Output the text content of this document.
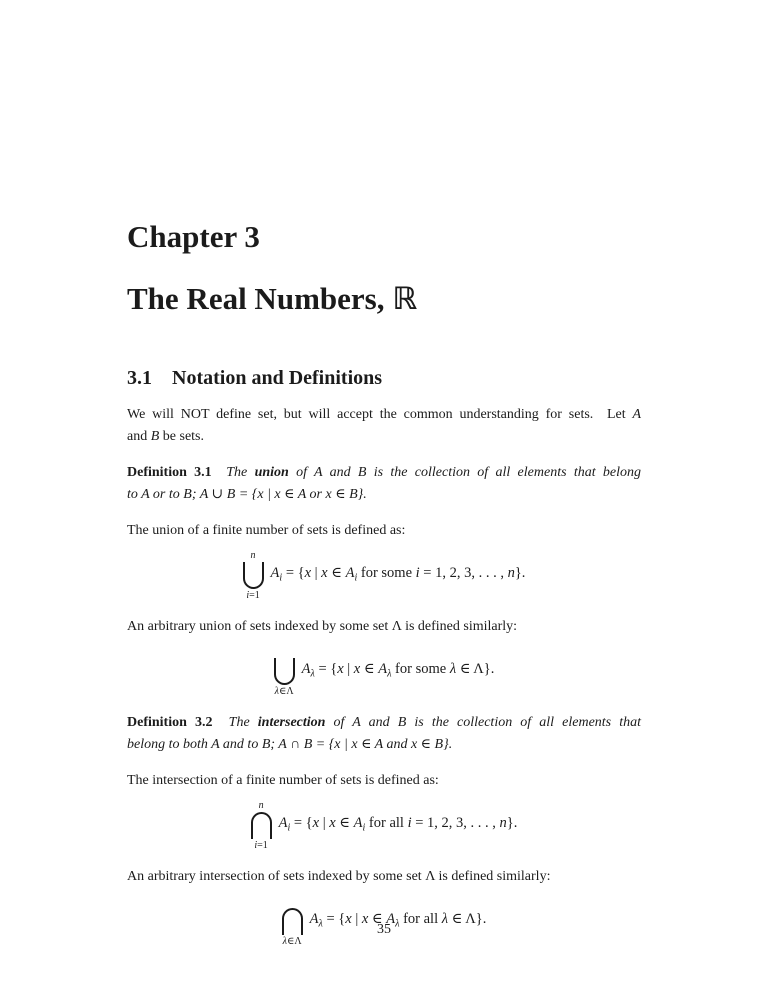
Chapter 3
The Real Numbers, ℝ
3.1 Notation and Definitions
We will NOT define set, but will accept the common understanding for sets.  Let A
and B be sets.
Definition 3.1  The union of A and B is the collection of all elements that belong
to A or to B; A ∪ B = {x | x ∈ A or x ∈ B}.
The union of a finite number of sets is defined as:
n
i=1
$A_i = \{x$ | x ∈ $A_i$ for some i = 1, 2, 3, . . . , n}.
An arbitrary union of sets indexed by some set Λ is defined similarly:
λ∈Λ
$A_\lambda = \{x$ | x ∈ $A_\lambda$ for some λ ∈ Λ}.
Definition 3.2  The intersection of A and B is the collection of all elements that
belong to both A and to B; A ∩ B = {x | x ∈ A and x ∈ B}.
The intersection of a finite number of sets is defined as:
n
i=1
$A_i = \{x$ | x ∈ $A_i$ for all i = 1, 2, 3, . . . , n}.
An arbitrary intersection of sets indexed by some set Λ is defined similarly:
λ∈Λ
$A_\lambda = \{x$ | x ∈ $A_\lambda$ for all λ ∈ Λ}.
35
